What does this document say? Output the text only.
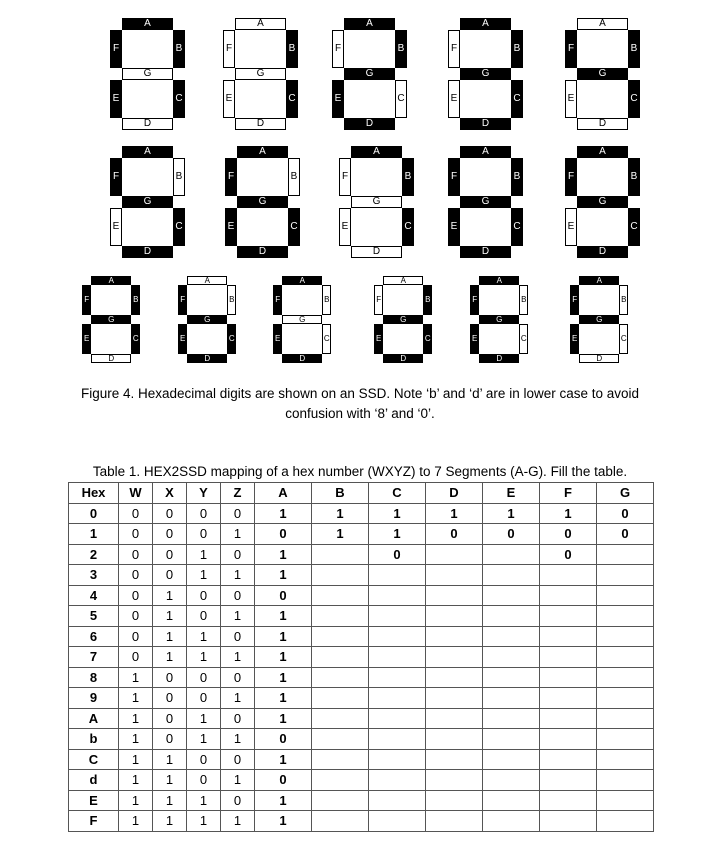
A
B
C
D
E
F
G
A
B
C
D
E
F
G
A
B
C
D
E
F
G
A
B
C
D
E
F
G
A
B
C
D
E
F
G
A
B
C
D
E
F
G
A
B
C
D
E
F
G
A
B
C
D
E
F
G
A
B
C
D
E
F
G
A
B
C
D
E
F
G
A
B
C
D
E
F
G
A
B
C
D
E
F
G
A
B
C
D
E
F
G
A
B
C
D
E
F
G
A
B
C
D
E
F
G
A
B
C
D
E
F
G

Figure 4. Hexadecimal digits are shown on an SSD. Note ‘b’ and ‘d’ are in lower case to avoid confusion with ‘8’ and ‘0’.

Table 1. HEX2SSD mapping of a hex number (WXYZ) to 7 Segments (A-G). Fill the table.

Hex	W	X	Y	Z	A	B	C	D	E	F	G
0	0	0	0	0	1	1	1	1	1	1	0
1	0	0	0	1	0	1	1	0	0	0	0
2	0	0	1	0	1		0			0	
3	0	0	1	1	1						
4	0	1	0	0	0						
5	0	1	0	1	1						
6	0	1	1	0	1						
7	0	1	1	1	1						
8	1	0	0	0	1						
9	1	0	0	1	1						
A	1	0	1	0	1						
b	1	0	1	1	0						
C	1	1	0	0	1						
d	1	1	0	1	0						
E	1	1	1	0	1						
F	1	1	1	1	1						
